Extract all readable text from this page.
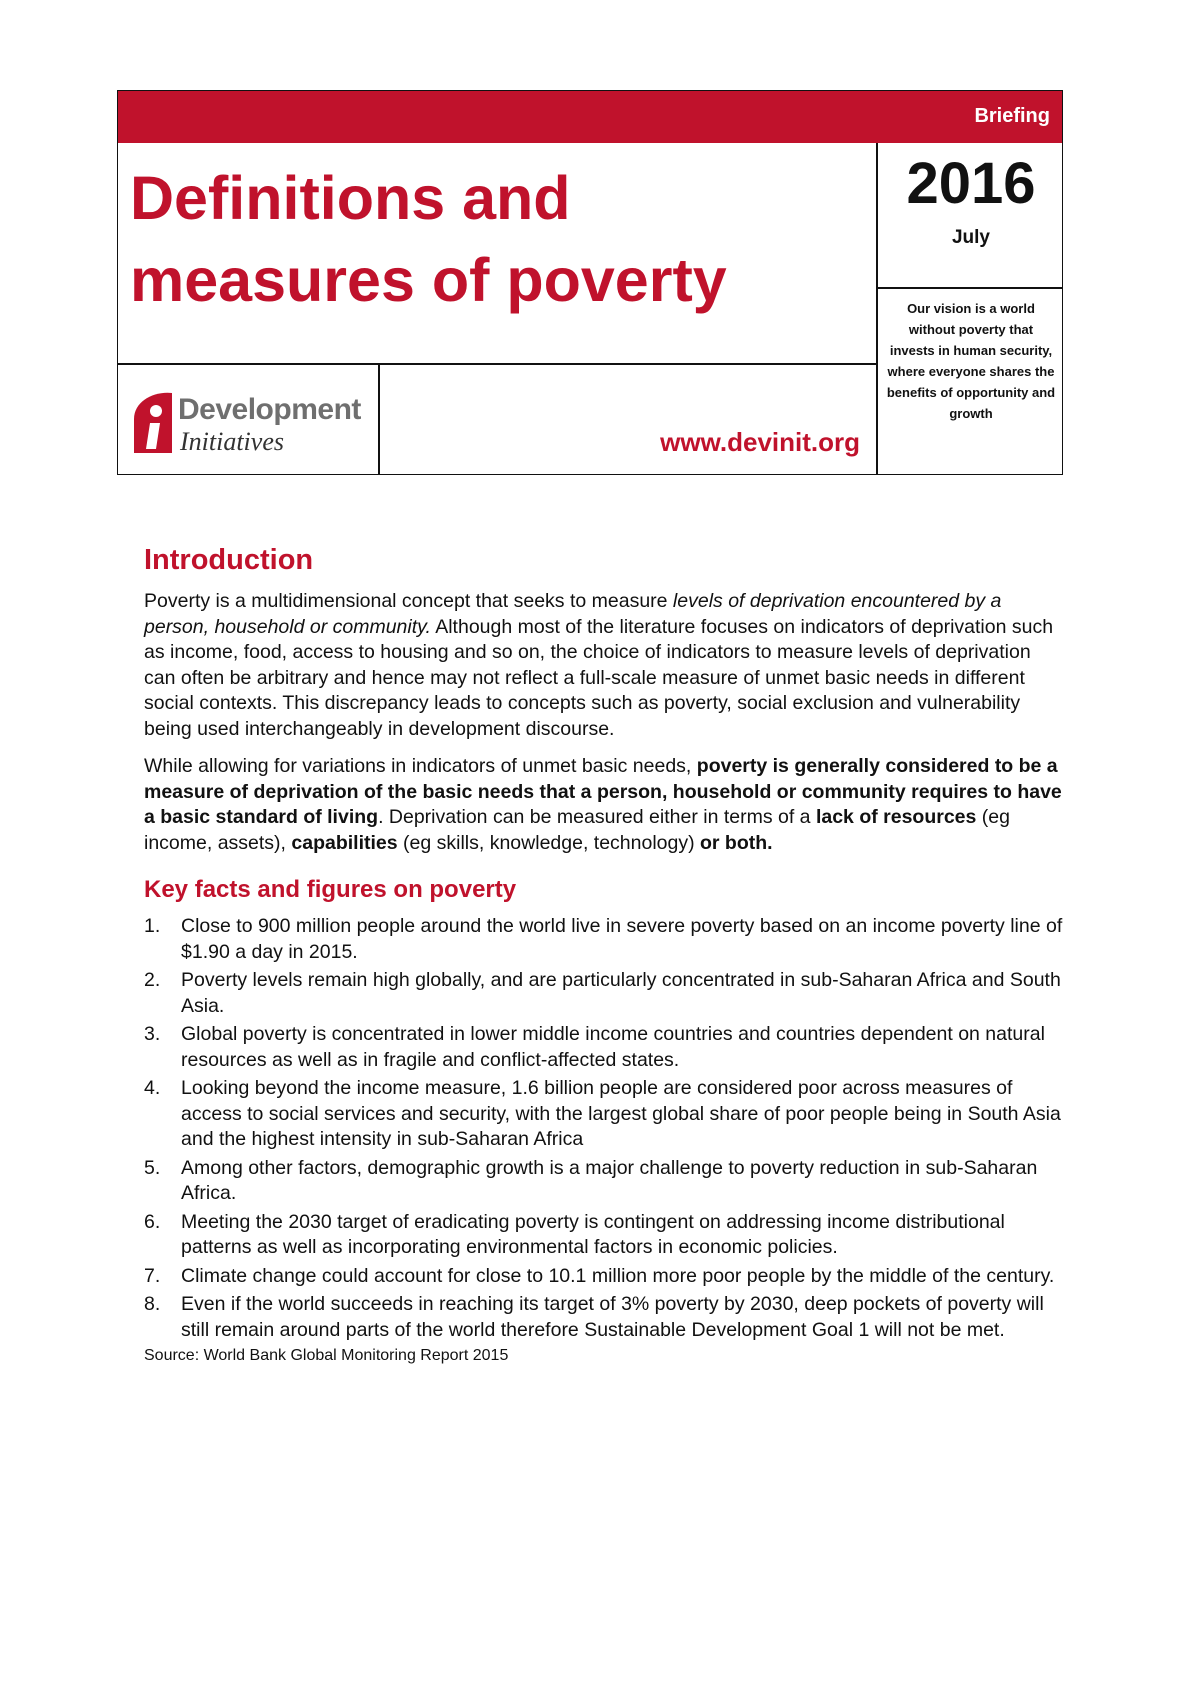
Briefing
Definitions and
measures of poverty
2016
July
Our vision is a world without poverty that invests in human security, where everyone shares the benefits of opportunity and growth
Development
Initiatives	www.devinit.org
Introduction

Poverty is a multidimensional concept that seeks to measure levels of deprivation encountered by a person, household or community. Although most of the literature focuses on indicators of deprivation such as income, food, access to housing and so on, the choice of indicators to measure levels of deprivation can often be arbitrary and hence may not reflect a full-scale measure of unmet basic needs in different social contexts. This discrepancy leads to concepts such as poverty, social exclusion and vulnerability being used interchangeably in development discourse.

While allowing for variations in indicators of unmet basic needs, poverty is generally considered to be a measure of deprivation of the basic needs that a person, household or community requires to have a basic standard of living. Deprivation can be measured either in terms of a lack of resources (eg income, assets), capabilities (eg skills, knowledge, technology) or both.

Key facts and figures on poverty
1. Close to 900 million people around the world live in severe poverty based on an income poverty line of $1.90 a day in 2015.
2. Poverty levels remain high globally, and are particularly concentrated in sub-Saharan Africa and South Asia.
3. Global poverty is concentrated in lower middle income countries and countries dependent on natural resources as well as in fragile and conflict-affected states.
4. Looking beyond the income measure, 1.6 billion people are considered poor across measures of access to social services and security, with the largest global share of poor people being in South Asia and the highest intensity in sub-Saharan Africa
5. Among other factors, demographic growth is a major challenge to poverty reduction in sub-Saharan Africa.
6. Meeting the 2030 target of eradicating poverty is contingent on addressing income distributional patterns as well as incorporating environmental factors in economic policies.
7. Climate change could account for close to 10.1 million more poor people by the middle of the century.
8. Even if the world succeeds in reaching its target of 3% poverty by 2030, deep pockets of poverty will still remain around parts of the world therefore Sustainable Development Goal 1 will not be met.
Source: World Bank Global Monitoring Report 2015
